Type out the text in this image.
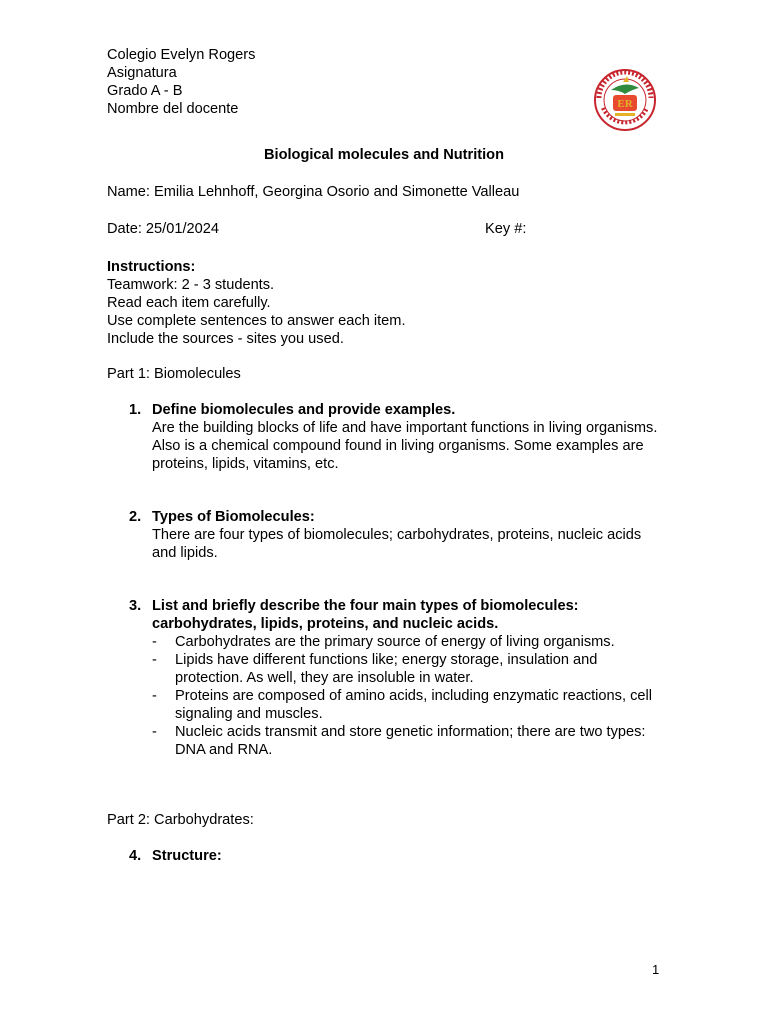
Colegio Evelyn Rogers
Asignatura
Grado A - B
Nombre del docente	ER
Biological molecules and Nutrition
Name: Emilia Lehnhoff, Georgina Osorio and Simonette Valleau
Date: 25/01/2024	Key #:
Instructions:
Teamwork: 2 - 3 students.
Read each item carefully.
Use complete sentences to answer each item.
Include the sources - sites you used.
Part 1: Biomolecules
1. Define biomolecules and provide examples.
Are the building blocks of life and have important functions in living organisms. Also is a chemical compound found in living organisms. Some examples are proteins, lipids, vitamins, etc.
2. Types of Biomolecules:
There are four types of biomolecules; carbohydrates, proteins, nucleic acids and lipids.
3. List and briefly describe the four main types of biomolecules: carbohydrates, lipids, proteins, and nucleic acids.
- Carbohydrates are the primary source of energy of living organisms.
- Lipids have different functions like; energy storage, insulation and protection. As well, they are insoluble in water.
- Proteins are composed of amino acids, including enzymatic reactions, cell signaling and muscles.
- Nucleic acids transmit and store genetic information; there are two types: DNA and RNA.
Part 2: Carbohydrates:
4. Structure:
1
